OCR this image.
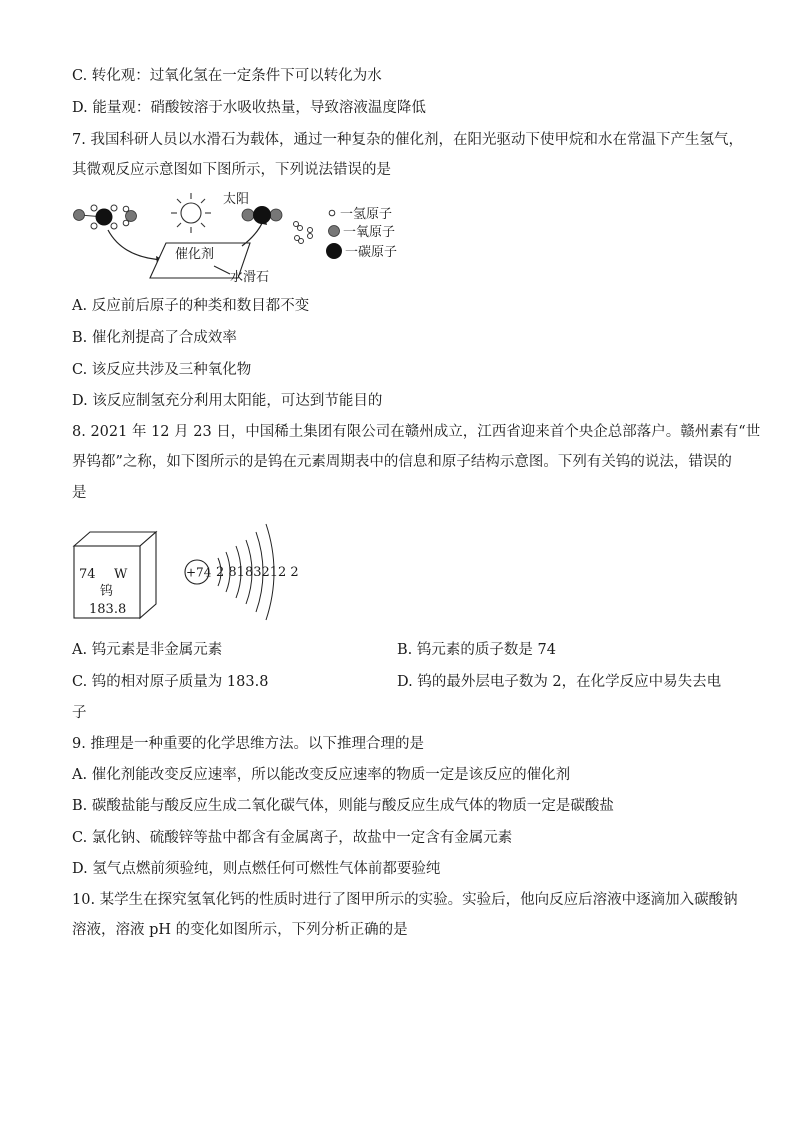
C. 转化观：过氧化氢在一定条件下可以转化为水
D. 能量观：硝酸铵溶于水吸收热量，导致溶液温度降低
7. 我国科研人员以水滑石为载体，通过一种复杂的催化剂，在阳光驱动下使甲烷和水在常温下产生氢气，
其微观反应示意图如下图所示，下列说法错误的是
太阳
催化剂
水滑石
一氢原子
一氧原子
一碳原子
A. 反应前后原子的种类和数目都不变
B. 催化剂提高了合成效率
C. 该反应共涉及三种氧化物
D. 该反应制氢充分利用太阳能，可达到节能目的
8. 2021 年 12 月 23 日，中国稀土集团有限公司在赣州成立，江西省迎来首个央企总部落户。赣州素有“世
界钨都”之称，如下图所示的是钨在元素周期表中的信息和原子结构示意图。下列有关钨的说法，错误的
是
74 W
钨
183.8
+74 2 8183212 2
A. 钨元素是非金属元素	B. 钨元素的质子数是 74
C. 钨的相对原子质量为 183.8	D. 钨的最外层电子数为 2，在化学反应中易失去电
子
9. 推理是一种重要的化学思维方法。以下推理合理的是
A. 催化剂能改变反应速率，所以能改变反应速率的物质一定是该反应的催化剂
B. 碳酸盐能与酸反应生成二氧化碳气体，则能与酸反应生成气体的物质一定是碳酸盐
C. 氯化钠、硫酸锌等盐中都含有金属离子，故盐中一定含有金属元素
D. 氢气点燃前须验纯，则点燃任何可燃性气体前都要验纯
10. 某学生在探究氢氧化钙的性质时进行了图甲所示的实验。实验后，他向反应后溶液中逐滴加入碳酸钠
溶液，溶液 pH 的变化如图所示，下列分析正确的是
